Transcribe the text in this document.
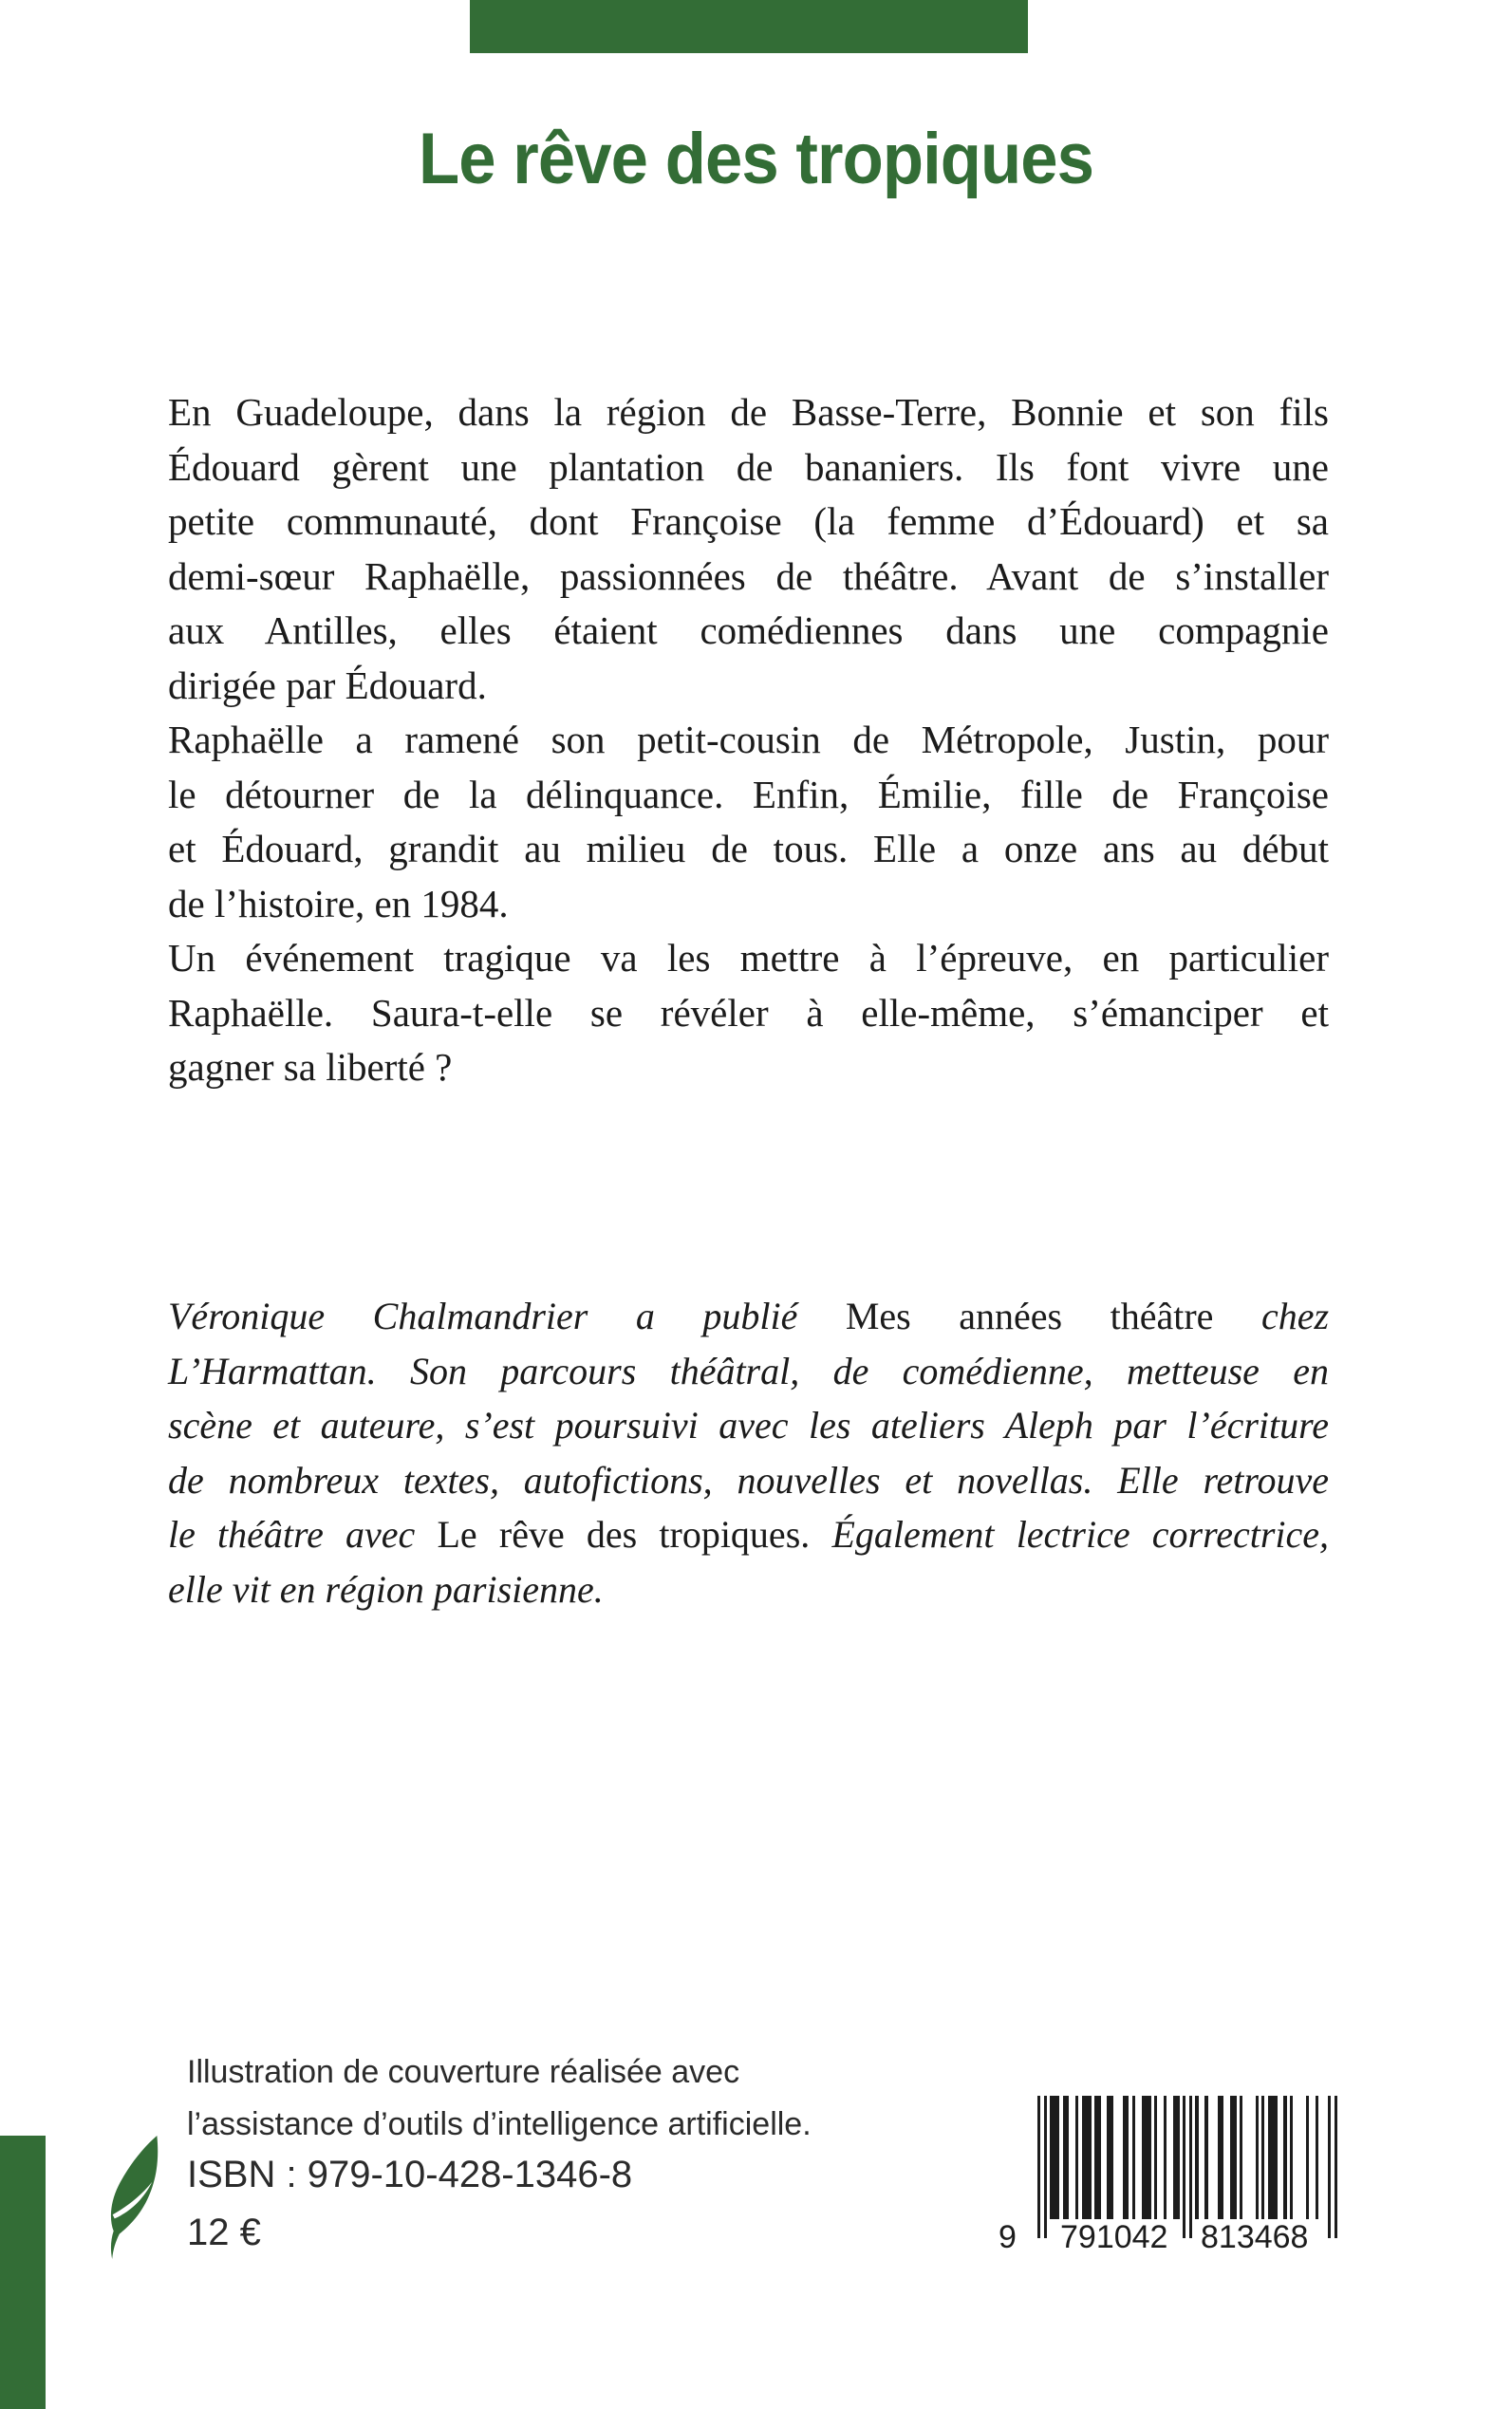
Le rêve des tropiques
En Guadeloupe, dans la région de Basse-Terre, Bonnie et son fils
Édouard gèrent une plantation de bananiers. Ils font vivre une
petite communauté, dont Françoise (la femme d’Édouard) et sa
demi-sœur Raphaëlle, passionnées de théâtre. Avant de s’installer
aux Antilles, elles étaient comédiennes dans une compagnie
dirigée par Édouard.
Raphaëlle a ramené son petit-cousin de Métropole, Justin, pour
le détourner de la délinquance. Enfin, Émilie, fille de Françoise
et Édouard, grandit au milieu de tous. Elle a onze ans au début
de l’histoire, en 1984.
Un événement tragique va les mettre à l’épreuve, en particulier
Raphaëlle. Saura-t-elle se révéler à elle-même, s’émanciper et
gagner sa liberté ?
Véronique Chalmandrier a publié Mes années théâtre chez
L’Harmattan. Son parcours théâtral, de comédienne, metteuse en
scène et auteure, s’est poursuivi avec les ateliers Aleph par l’écriture
de nombreux textes, autofictions, nouvelles et novellas. Elle retrouve
le théâtre avec Le rêve des tropiques. Également lectrice correctrice,
elle vit en région parisienne.
Illustration de couverture réalisée avec
l’assistance d’outils d’intelligence artificielle.
ISBN : 979-10-428-1346-8
12 €	9 791042 813468
